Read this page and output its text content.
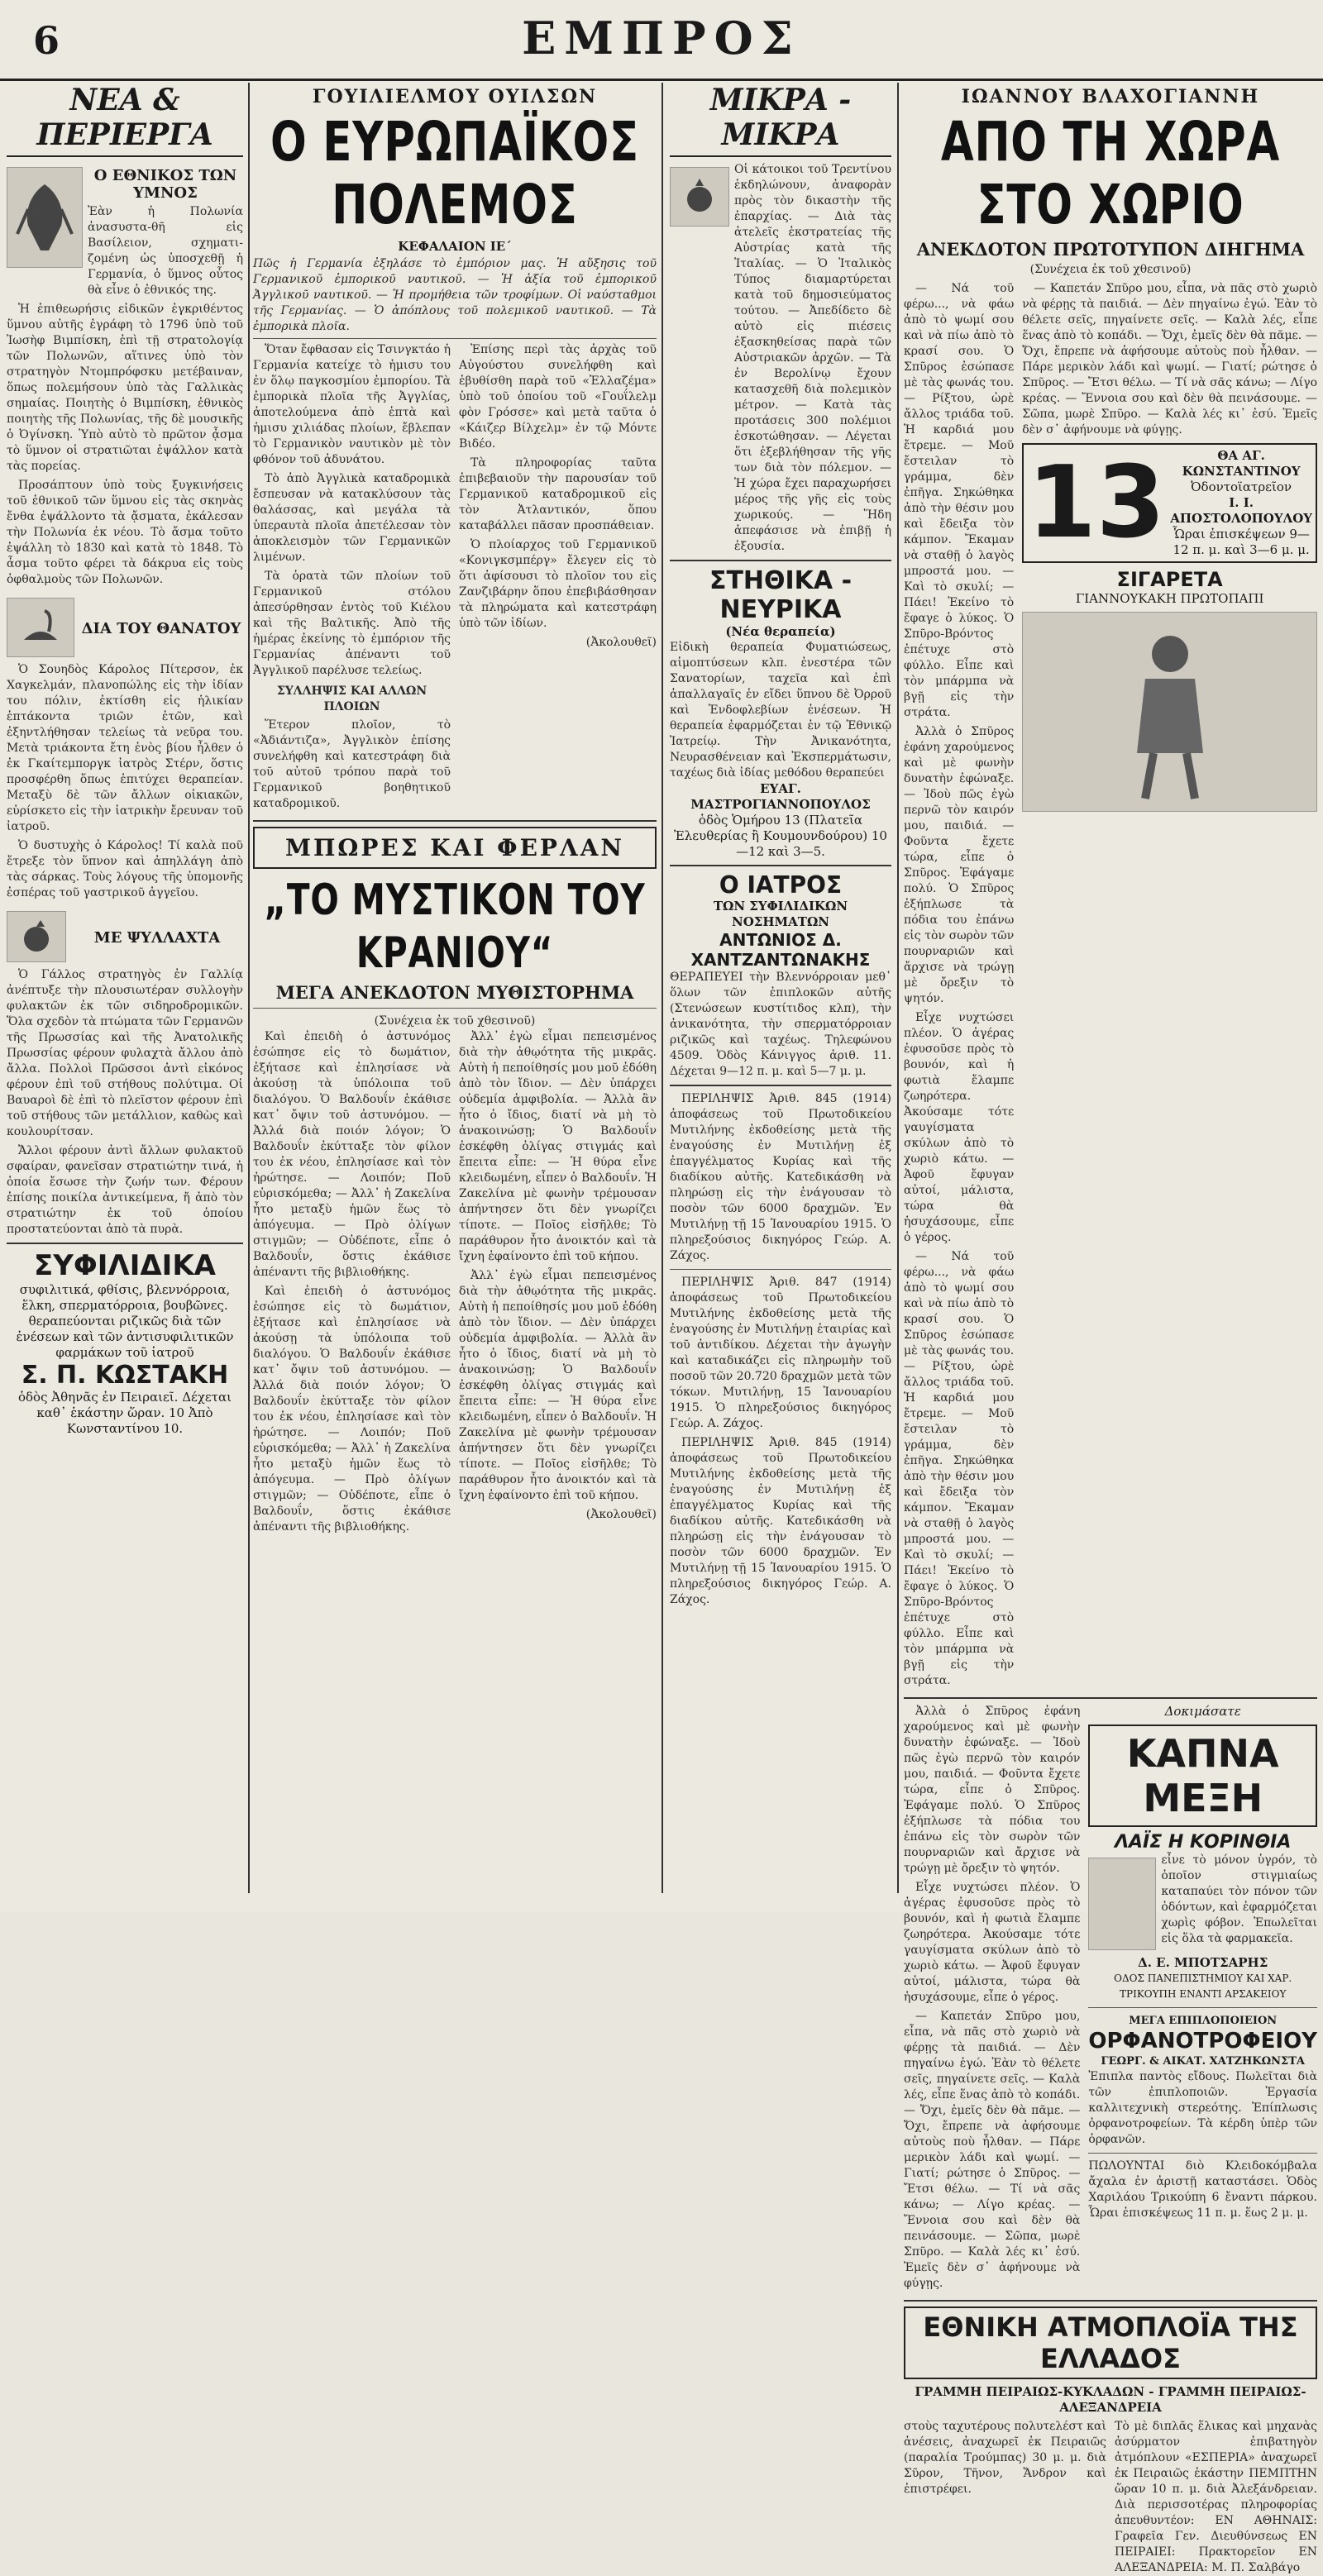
6	ΕΜΠΡΟΣ
ΝΕΑ & ΠΕΡΙΕΡΓΑ
Ο ΕΘΝΙΚΟΣ ΤΩΝ ΥΜΝΟΣ
Ἐὰν ἡ Πολωνία ἀνασυστα-θῆ εἰς Βασίλειον, σχηματι-ζομένη ὡς ὑποσχεθῇ ἡ Γερμανία, ὁ ὕμνος οὗτος θὰ εἶνε ὁ ἐθνικός της.

Ἡ ἐπιθεωρήσις εἰδικῶν ἐγκριθέντος ὕμνου αὐτῆς ἐγράφη τὸ 1796 ὑπὸ τοῦ Ἰωσὴφ Βιμπίσκη, ἐπὶ τῇ στρατολογίᾳ τῶν Πολωνῶν, αἵτινες ὑπὸ τὸν στρατηγὸν Ντομπρόφσκυ μετέβαιναν, ὅπως πολεμήσουν ὑπὸ τὰς Γαλλικὰς σημαίας. Ποιητὴς ὁ Βιμπίσκη, ἐθνικὸς ποιητὴς τῆς Πολωνίας, τῆς δὲ μουσικῆς ὁ Ὀγίνσκη. Ὑπὸ αὐτὸ τὸ πρῶτον ᾆσμα τὸ ὕμνον οἱ στρατιῶται ἐψάλλον κατὰ τὰς πορείας.

Προσάπτουν ὑπὸ τοὺς ξυγκινήσεις τοῦ ἐθνικοῦ τῶν ὕμνου εἰς τὰς σκηνὰς ἔνθα ἐψάλλοντο τὰ ᾄσματα, ἐκάλεσαν τὴν Πολωνία ἐκ νέου. Τὸ ἄσμα τοῦτο ἐψάλλη τὸ 1830 καὶ κατὰ τὸ 1848. Τὸ ἆσμα τοῦτο φέρει τὰ δάκρυα εἰς τοὺς ὀφθαλμοὺς τῶν Πολωνῶν.

ΔΙΑ ΤΟΥ ΘΑΝΑΤΟΥ

Ὁ Σουηδὸς Κάρολος Πίτερσον, ἐκ Χαγκελμάν, πλανοπώλης εἰς τὴν ἰδίαν του πόλιν, ἐκτίσθη εἰς ἡλικίαν ἑπτάκοντα τριῶν ἐτῶν, καὶ ἐξηντλήθησαν τελείως τὰ νεῦρα του. Μετὰ τριάκοντα ἔτη ἐνὸς βίου ἦλθεν ὁ ἐκ Γκαίτεμποργκ ἰατρὸς Στέρν, ὅστις προσφέρθη ὅπως ἐπιτύχει θεραπείαν. Μεταξὺ δὲ τῶν ἄλλων οἰκιακῶν, εὑρίσκετο εἰς τὴν ἰατρικὴν ἔρευναν τοῦ ἰατροῦ.

Ὁ δυστυχὴς ὁ Κάρολος! Τί καλὰ ποῦ ἔτρεξε τὸν ὕπνον καὶ ἀπηλλάγη ἀπὸ τὰς σάρκας. Τοὺς λόγους τῆς ὑπομονῆς ἐσπέρας τοῦ γαστρικοῦ ἀγγεῖου.

ΜΕ ΨΥΛΛΑΧΤΑ

Ὁ Γάλλος στρατηγὸς ἐν Γαλλίᾳ ἀνέπτυξε τὴν πλουσιωτέραν συλλογὴν φυλακτῶν ἐκ τῶν σιδηροδρομικῶν. Ὅλα σχεδὸν τὰ πτώματα τῶν Γερμανῶν τῆς Πρωσσίας καὶ τῆς Ἀνατολικῆς Πρωσσίας φέρουν φυλαχτὰ ἄλλου ἀπὸ ἄλλα. Πολλοὶ Πρῶσσοι ἀντὶ εἰκόνος φέρουν ἐπὶ τοῦ στήθους πολύτιμα. Οἱ Βαυαροὶ δὲ ἐπὶ τὸ πλεῖστον φέρουν ἐπὶ τοῦ στήθους τῶν μετάλλιον, καθὼς καὶ κουλουρίτσαν.

Ἄλλοι φέρουν ἀντὶ ἄλλων φυλακτοῦ σφαίραν, φανεῖσαν στρατιώτην τινά, ἡ ὁποία ἔσωσε τὴν ζωήν των. Φέρουν ἐπίσης ποικίλα ἀντικείμενα, ἤ ἀπὸ τὸν στρατιώτην ἐκ τοῦ ὁποίου προστατεύονται ἀπὸ τὰ πυρὰ.

ΣΥΦΙΛΙΔΙΚΑ
συφιλιτικά, φθίσις, βλεννόρροια, ἕλκη, σπερματόρροια, βουβῶνες. θεραπεύονται ριζικῶς διὰ τῶν ἐνέσεων καὶ τῶν ἀντισυφιλιτικῶν φαρμάκων τοῦ ἰατροῦ
Σ. Π. ΚΩΣΤΑΚΗ
ὁδὸς Ἀθηνᾶς ἐν Πειραιεῖ. Δέχεται καθ᾽ ἑκάστην ὥραν. 10 Ἀπὸ Κωνσταντίνου 10.
ΓΟΥΙΛΙΕΛΜΟΥ ΟΥΙΛΣΩΝ
Ο ΕΥΡΩΠΑΪΚΟΣ ΠΟΛΕΜΟΣ
ΚΕΦΑΛΑΙΟΝ ΙΕ΄
Πῶς ἡ Γερμανία ἐξηλάσε τὸ ἐμπόριον μας. Ἡ αὔξησις τοῦ Γερμανικοῦ ἐμπορικοῦ ναυτικοῦ. — Ἡ ἀξία τοῦ ἐμπορικοῦ Ἀγγλικοῦ ναυτικοῦ. — Ἡ προμήθεια τῶν τροφίμων. Οἱ ναύσταθμοι τῆς Γερμανίας. — Ὁ ἀπόπλους τοῦ πολεμικοῦ ναυτικοῦ. — Τὰ ἐμπορικὰ πλοῖα.

Ὅταν ἔφθασαν εἰς Τσινγκτάο ἡ Γερμανία κατείχε τὸ ἡμισυ του ἐν ὅλῳ παγκοσμίου ἐμπορίου. Τὰ ἐμπορικὰ πλοῖα τῆς Ἀγγλίας, ἀποτελούμενα ἀπὸ ἑπτὰ καὶ ἡμισυ χιλιάδας πλοίων, ἔβλεπαν τὸ Γερμανικὸν ναυτικὸν μὲ τὸν φθόνον τοῦ ἀδυνάτου.

Τὸ ἀπὸ Ἀγγλικὰ καταδρομικὰ ἔσπευσαν νὰ κατακλύσουν τὰς θαλάσσας, καὶ μεγάλα τὰ ὑπεραυτὰ πλοῖα ἀπετέλεσαν τὸν ἀποκλεισμὸν τῶν Γερμανικῶν λιμένων.

Τὰ ὁρατὰ τῶν πλοίων τοῦ Γερμανικοῦ στόλου ἀπεσύρθησαν ἐντὸς τοῦ Κιέλου καὶ τῆς Βαλτικῆς. Ἀπὸ τῆς ἡμέρας ἐκείνης τὸ ἐμπόριον τῆς Γερμανίας ἀπέναντι τοῦ Ἀγγλικοῦ παρέλυσε τελείως.

ΣΥΛΛΗΨΙΣ ΚΑΙ ΑΛΛΩΝ ΠΛΟΙΩΝ

Ἕτερον πλοῖον, τὸ «Ἀδιάντιζα», Ἀγγλικὸν ἐπίσης συνελήφθη καὶ κατεστράφη διὰ τοῦ αὐτοῦ τρόπου παρὰ τοῦ Γερμανικοῦ βοηθητικοῦ καταδρομικοῦ.

Ἐπίσης περὶ τὰς ἀρχὰς τοῦ Αὐγούστου συνελήφθη καὶ ἐβυθίσθη παρὰ τοῦ «Ἐλλαζέμα» ὑπὸ τοῦ ὁποίου τοῦ «Γουΐλελμ φὸν Γρόσσε» καὶ μετὰ ταῦτα ὁ «Κάιζερ Βίλχελμ» ἐν τῷ Μόντε Βιδέο.

Τὰ πληροφορίας ταῦτα ἐπιβεβαιοῦν τὴν παρουσίαν τοῦ Γερμανικοῦ καταδρομικοῦ εἰς τὸν Ἀτλαντικόν, ὅπου καταβάλλει πᾶσαν προσπάθειαν.

Ὁ πλοίαρχος τοῦ Γερμανικοῦ «Κονιγκσμπέργ» ἔλεγεν εἰς τὸ ὅτι ἀφίσουσι τὸ πλοῖον του εἰς Ζανζιβάρην ὅπου ἐπεβιβάσθησαν τὰ πληρώματα καὶ κατεστράφη ὑπὸ τῶν ἰδίων.

(Ἀκολουθεῖ)
ΜΠΩΡΕΣ ΚΑΙ ΦΕΡΛΑΝ
„ΤΟ ΜΥΣΤΙΚΟΝ ΤΟΥ ΚΡΑΝΙΟΥ“
ΜΕΓΑ ΑΝΕΚΔΟΤΟΝ ΜΥΘΙΣΤΟΡΗΜΑ
(Συνέχεια ἐκ τοῦ χθεσινοῦ)

Καὶ ἐπειδὴ ὁ ἀστυνόμος ἐσώπησε εἰς τὸ δωμάτιον, ἐξήτασε καὶ ἐπλησίασε νὰ ἀκούσῃ τὰ ὑπόλοιπα τοῦ διαλόγου. Ὁ Βαλδουΐν ἐκάθισε κατ᾽ ὄψιν τοῦ ἀστυνόμου. — Ἀλλά διὰ ποιόν λόγον; Ὁ Βαλδουΐν ἐκύτταξε τὸν φίλον του ἐκ νέου, ἐπλησίασε καὶ τὸν ἠρώτησε. — Λοιπόν; Ποῦ εὑρισκόμεθα; — Ἀλλ᾽ ἡ Ζακελίνα ἦτο μεταξὺ ἡμῶν ἕως τὸ ἀπόγευμα. — Πρὸ ὀλίγων στιγμῶν; — Οὐδέποτε, εἶπε ὁ Βαλδουΐν, ὅστις ἐκάθισε ἀπέναντι τῆς βιβλιοθήκης.

Καὶ ἐπειδὴ ὁ ἀστυνόμος ἐσώπησε εἰς τὸ δωμάτιον, ἐξήτασε καὶ ἐπλησίασε νὰ ἀκούσῃ τὰ ὑπόλοιπα τοῦ διαλόγου. Ὁ Βαλδουΐν ἐκάθισε κατ᾽ ὄψιν τοῦ ἀστυνόμου. — Ἀλλά διὰ ποιόν λόγον; Ὁ Βαλδουΐν ἐκύτταξε τὸν φίλον του ἐκ νέου, ἐπλησίασε καὶ τὸν ἠρώτησε. — Λοιπόν; Ποῦ εὑρισκόμεθα; — Ἀλλ᾽ ἡ Ζακελίνα ἦτο μεταξὺ ἡμῶν ἕως τὸ ἀπόγευμα. — Πρὸ ὀλίγων στιγμῶν; — Οὐδέποτε, εἶπε ὁ Βαλδουΐν, ὅστις ἐκάθισε ἀπέναντι τῆς βιβλιοθήκης.

Ἀλλ᾽ ἐγὼ εἶμαι πεπεισμένος διὰ τὴν ἀθῳότητα τῆς μικρᾶς. Αὐτὴ ἡ πεποίθησίς μου μοῦ ἐδόθη ἀπὸ τὸν ἴδιον. — Δὲν ὑπάρχει οὐδεμία ἀμφιβολία. — Ἀλλὰ ἂν ἦτο ὁ ἴδιος, διατί νὰ μὴ τὸ ἀνακοινώσῃ; Ὁ Βαλδουΐν ἐσκέφθη ὀλίγας στιγμάς καὶ ἔπειτα εἶπε: — Ἡ θύρα εἶνε κλειδωμένη, εἶπεν ὁ Βαλδουΐν. Ἡ Ζακελίνα μὲ φωνὴν τρέμουσαν ἀπήντησεν ὅτι δὲν γνωρίζει τίποτε. — Ποῖος εἰσῆλθε; Τὸ παράθυρον ἦτο ἀνοικτόν καὶ τὰ ἴχνη ἐφαίνοντο ἐπὶ τοῦ κήπου.

Ἀλλ᾽ ἐγὼ εἶμαι πεπεισμένος διὰ τὴν ἀθῳότητα τῆς μικρᾶς. Αὐτὴ ἡ πεποίθησίς μου μοῦ ἐδόθη ἀπὸ τὸν ἴδιον. — Δὲν ὑπάρχει οὐδεμία ἀμφιβολία. — Ἀλλὰ ἂν ἦτο ὁ ἴδιος, διατί νὰ μὴ τὸ ἀνακοινώσῃ; Ὁ Βαλδουΐν ἐσκέφθη ὀλίγας στιγμάς καὶ ἔπειτα εἶπε: — Ἡ θύρα εἶνε κλειδωμένη, εἶπεν ὁ Βαλδουΐν. Ἡ Ζακελίνα μὲ φωνὴν τρέμουσαν ἀπήντησεν ὅτι δὲν γνωρίζει τίποτε. — Ποῖος εἰσῆλθε; Τὸ παράθυρον ἦτο ἀνοικτόν καὶ τὰ ἴχνη ἐφαίνοντο ἐπὶ τοῦ κήπου.

(Ἀκολουθεῖ)
ΜΙΚΡΑ - ΜΙΚΡΑ
Οἱ κάτοικοι τοῦ Τρεντίνου ἐκδηλώνουν, ἀναφορὰν πρὸς τὸν δικαστὴν τῆς ἐπαρχίας. — Διὰ τὰς ἀτελεῖς ἐκστρατείας τῆς Αὐστρίας κατὰ τῆς Ἰταλίας. — Ὁ Ἰταλικὸς Τύπος διαμαρτύρεται κατὰ τοῦ δημοσιεύματος τούτου. — Ἀπεδίδετο δὲ αὐτὸ εἰς πιέσεις ἐξασκηθείσας παρὰ τῶν Αὐστριακῶν ἀρχῶν. — Τὰ ἐν Βερολίνῳ ἔχουν κατασχεθῆ διὰ πολεμικὸν μέτρον. — Κατὰ τὰς προτάσεις 300 πολέμιοι ἐσκοτώθησαν. — Λέγεται ὅτι ἐξεβλήθησαν τῆς γῆς των διὰ τὸν πόλεμον. — Ἡ χώρα ἔχει παραχωρήσει μέρος τῆς γῆς εἰς τοὺς χωρικούς. — Ἥδη ἀπεφάσισε νὰ ἐπιβῇ ἡ ἐξουσία.
ΣΤΗΘΙΚΑ - ΝΕΥΡΙΚΑ
(Νέα θεραπεία)
Εἰδικὴ θεραπεία Φυματιώσεως, αἱμοπτύσεων κλπ. ἐνεστέρα τῶν Σανατορίων, ταχεῖα καὶ ἐπὶ ἀπαλλαγαῖς ἐν εἴδει ὕπνου δὲ Ὀρροῦ καὶ Ἐνδοφλεβίων ἐνέσεων. Ἡ θεραπεία ἐφαρμόζεται ἐν τῷ Ἐθνικῷ Ἰατρείῳ. Τὴν Ἀνικανότητα, Νευρασθένειαν καὶ Ἐκσπερμάτωσιν, ταχέως διὰ ἰδίας μεθόδου θεραπεύει
ΕΥΑΓ. ΜΑΣΤΡΟΓΙΑΝΝΟΠΟΥΛΟΣ
ὁδὸς Ὁμήρου 13 (Πλατεῖα Ἐλευθερίας ἢ Κουμουνδούρου) 10—12 καὶ 3—5.
Ο ΙΑΤΡΟΣ
ΤΩΝ ΣΥΦΙΛΙΔΙΚΩΝ ΝΟΣΗΜΑΤΩΝ
ΑΝΤΩΝΙΟΣ Δ. ΧΑΝΤΖΑΝΤΩΝΑΚΗΣ
ΘΕΡΑΠΕΥΕΙ τὴν Βλεννόρροιαν μεθ᾽ ὅλων τῶν ἐπιπλοκῶν αὐτῆς (Στενώσεων κυστίτιδος κλπ), τὴν ἀνικανότητα, τὴν σπερματόρροιαν ριζικῶς καὶ ταχέως. Τηλεφώνου 4509. Ὁδὸς Κάνιγγος ἀριθ. 11. Δέχεται 9—12 π. μ. καὶ 5—7 μ. μ.

ΠΕΡΙΛΗΨΙΣ Ἀριθ. 845 (1914) ἀποφάσεως τοῦ Πρωτοδικείου Μυτιλήνης ἐκδοθείσης μετὰ τῆς ἐναγούσης ἐν Μυτιλήνῃ ἐξ ἐπαγγέλματος Κυρίας καὶ τῆς διαδίκου αὐτῆς. Κατεδικάσθη νὰ πληρώσῃ εἰς τὴν ἐνάγουσαν τὸ ποσὸν τῶν 6000 δραχμῶν. Ἐν Μυτιλήνῃ τῇ 15 Ἰανουαρίου 1915. Ὁ πληρεξούσιος δικηγόρος Γεώρ. Α. Ζάχος.

ΠΕΡΙΛΗΨΙΣ Ἀριθ. 847 (1914) ἀποφάσεως τοῦ Πρωτοδικείου Μυτιλήνης ἐκδοθείσης μετὰ τῆς ἐναγούσης ἐν Μυτιλήνῃ ἐταιρίας καὶ τοῦ ἀντιδίκου. Δέχεται τὴν ἀγωγὴν καὶ καταδικάζει εἰς πληρωμὴν τοῦ ποσοῦ τῶν 20.720 δραχμῶν μετὰ τῶν τόκων. Μυτιλήνῃ, 15 Ἰανουαρίου 1915. Ὁ πληρεξούσιος δικηγόρος Γεώρ. Α. Ζάχος.

ΠΕΡΙΛΗΨΙΣ Ἀριθ. 845 (1914) ἀποφάσεως τοῦ Πρωτοδικείου Μυτιλήνης ἐκδοθείσης μετὰ τῆς ἐναγούσης ἐν Μυτιλήνῃ ἐξ ἐπαγγέλματος Κυρίας καὶ τῆς διαδίκου αὐτῆς. Κατεδικάσθη νὰ πληρώσῃ εἰς τὴν ἐνάγουσαν τὸ ποσὸν τῶν 6000 δραχμῶν. Ἐν Μυτιλήνῃ τῇ 15 Ἰανουαρίου 1915. Ὁ πληρεξούσιος δικηγόρος Γεώρ. Α. Ζάχος.

ΙΩΑΝΝΟΥ ΒΛΑΧΟΓΙΑΝΝΗ
ΑΠΟ ΤΗ ΧΩΡΑ ΣΤΟ ΧΩΡΙΟ
ΑΝΕΚΔΟΤΟΝ ΠΡΩΤΟΤΥΠΟΝ ΔΙΗΓΗΜΑ
(Συνέχεια ἐκ τοῦ χθεσινοῦ)

— Νά τοῦ φέρω..., νὰ φάω ἀπὸ τὸ ψωμί σου καὶ νὰ πίω ἀπὸ τὸ κρασί σου. Ὁ Σπῦρος ἐσώπασε μὲ τὰς φωνάς του. — Ρίξτου, ὡρὲ ἄλλος τριάδα τοῦ. Ἡ καρδιά μου ἔτρεμε. — Μοῦ ἔστειλαν τὸ γράμμα, δὲν ἐπῆγα. Σηκώθηκα ἀπὸ τὴν θέσιν μου καὶ ἔδειξα τὸν κάμπον. Ἔκαμαν νὰ σταθῇ ὁ λαγὸς μπροστά μου. — Καὶ τὸ σκυλί; — Πάει! Ἐκείνο τὸ ἔφαγε ὁ λύκος. Ὁ Σπῦρο-Βρόντος ἐπέτυχε στὸ φύλλο. Εἶπε καὶ τὸν μπάρμπα νὰ βγῇ εἰς τὴν στράτα.

Ἀλλὰ ὁ Σπῦρος ἐφάνη χαρούμενος καὶ μὲ φωνὴν δυνατὴν ἐφώναξε. — Ἰδοὺ πῶς ἐγὼ περνῶ τὸν καιρόν μου, παιδιά. — Φοῦντα ἔχετε τώρα, εἶπε ὁ Σπῦρος. Ἐφάγαμε πολύ. Ὁ Σπῦρος ἐξήπλωσε τὰ πόδια του ἐπάνω εἰς τὸν σωρὸν τῶν πουρναριῶν καὶ ἄρχισε νὰ τρώγῃ μὲ ὄρεξιν τὸ ψητόν.

Εἶχε νυχτώσει πλέον. Ὁ ἀγέρας ἐφυσοῦσε πρὸς τὸ βουνόν, καὶ ἡ φωτιὰ ἔλαμπε ζωηρότερα. Ἀκούσαμε τότε γαυγίσματα σκύλων ἀπὸ τὸ χωριὸ κάτω. — Ἀφοῦ ἔφυγαν αὐτοί, μάλιστα, τώρα θὰ ἡσυχάσουμε, εἶπε ὁ γέρος.

— Νά τοῦ φέρω..., νὰ φάω ἀπὸ τὸ ψωμί σου καὶ νὰ πίω ἀπὸ τὸ κρασί σου. Ὁ Σπῦρος ἐσώπασε μὲ τὰς φωνάς του. — Ρίξτου, ὡρὲ ἄλλος τριάδα τοῦ. Ἡ καρδιά μου ἔτρεμε. — Μοῦ ἔστειλαν τὸ γράμμα, δὲν ἐπῆγα. Σηκώθηκα ἀπὸ τὴν θέσιν μου καὶ ἔδειξα τὸν κάμπον. Ἔκαμαν νὰ σταθῇ ὁ λαγὸς μπροστά μου. — Καὶ τὸ σκυλί; — Πάει! Ἐκείνο τὸ ἔφαγε ὁ λύκος. Ὁ Σπῦρο-Βρόντος ἐπέτυχε στὸ φύλλο. Εἶπε καὶ τὸν μπάρμπα νὰ βγῇ εἰς τὴν στράτα.

— Καπετάν Σπῦρο μου, εἶπα, νὰ πᾶς στὸ χωριὸ νὰ φέρῃς τὰ παιδιά. — Δὲν πηγαίνω ἐγώ. Ἐὰν τὸ θέλετε σεῖς, πηγαίνετε σεῖς. — Καλὰ λές, εἶπε ἕνας ἀπὸ τὸ κοπάδι. — Ὄχι, ἐμεῖς δὲν θὰ πᾶμε. — Ὄχι, ἔπρεπε νὰ ἀφήσουμε αὐτοὺς ποὺ ἦλθαν. — Πάρε μερικὸν λάδι καὶ ψωμί. — Γιατί; ρώτησε ὁ Σπῦρος. — Ἔτσι θέλω. — Τί νὰ σᾶς κάνω; — Λίγο κρέας. — Ἔννοια σου καὶ δὲν θὰ πεινάσουμε. — Σῶπα, μωρὲ Σπῦρο. — Καλὰ λές κι᾽ ἐσύ. Ἐμεῖς δὲν σ᾽ ἀφήνουμε νὰ φύγῃς.

13	ΘΑ ΑΓ. ΚΩΝΣΤΑΝΤΙΝΟΥ
Ὀδοντοϊατρεῖον
Ι. Ι. ΑΠΟΣΤΟΛΟΠΟΥΛΟΥ
Ὧραι ἐπισκέψεων 9—12 π. μ. καὶ 3—6 μ. μ.
ΣΙΓΑΡΕΤΑ
ΓΙΑΝΝΟΥΚΑΚΗ ΠΡΩΤΟΠΑΠΙ

Ἀλλὰ ὁ Σπῦρος ἐφάνη χαρούμενος καὶ μὲ φωνὴν δυνατὴν ἐφώναξε. — Ἰδοὺ πῶς ἐγὼ περνῶ τὸν καιρόν μου, παιδιά. — Φοῦντα ἔχετε τώρα, εἶπε ὁ Σπῦρος. Ἐφάγαμε πολύ. Ὁ Σπῦρος ἐξήπλωσε τὰ πόδια του ἐπάνω εἰς τὸν σωρὸν τῶν πουρναριῶν καὶ ἄρχισε νὰ τρώγῃ μὲ ὄρεξιν τὸ ψητόν.

Εἶχε νυχτώσει πλέον. Ὁ ἀγέρας ἐφυσοῦσε πρὸς τὸ βουνόν, καὶ ἡ φωτιὰ ἔλαμπε ζωηρότερα. Ἀκούσαμε τότε γαυγίσματα σκύλων ἀπὸ τὸ χωριὸ κάτω. — Ἀφοῦ ἔφυγαν αὐτοί, μάλιστα, τώρα θὰ ἡσυχάσουμε, εἶπε ὁ γέρος.

— Καπετάν Σπῦρο μου, εἶπα, νὰ πᾶς στὸ χωριὸ νὰ φέρῃς τὰ παιδιά. — Δὲν πηγαίνω ἐγώ. Ἐὰν τὸ θέλετε σεῖς, πηγαίνετε σεῖς. — Καλὰ λές, εἶπε ἕνας ἀπὸ τὸ κοπάδι. — Ὄχι, ἐμεῖς δὲν θὰ πᾶμε. — Ὄχι, ἔπρεπε νὰ ἀφήσουμε αὐτοὺς ποὺ ἦλθαν. — Πάρε μερικὸν λάδι καὶ ψωμί. — Γιατί; ρώτησε ὁ Σπῦρος. — Ἔτσι θέλω. — Τί νὰ σᾶς κάνω; — Λίγο κρέας. — Ἔννοια σου καὶ δὲν θὰ πεινάσουμε. — Σῶπα, μωρὲ Σπῦρο. — Καλὰ λές κι᾽ ἐσύ. Ἐμεῖς δὲν σ᾽ ἀφήνουμε νὰ φύγῃς.

Δοκιμάσατε
ΚΑΠΝΑ ΜΕΞΗ
ΛΑΪΣ Η ΚΟΡΙΝΘΙΑ
εἶνε τὸ μόνον ὑγρόν, τὸ ὁποῖον στιγμιαίως καταπαύει τὸν πόνον τῶν ὀδόντων, καὶ ἐφαρμόζεται χωρὶς φόβον. Ἐπωλεῖται εἰς ὅλα τὰ φαρμακεῖα.
Δ. Ε. ΜΠΟΤΣΑΡΗΣ
ΟΔΟΣ ΠΑΝΕΠΙΣΤΗΜΙΟΥ ΚΑΙ ΧΑΡ. ΤΡΙΚΟΥΠΗ ΕΝΑΝΤΙ ΑΡΣΑΚΕΙΟΥ
ΜΕΓΑ ΕΠΙΠΛΟΠΟΙΕΙΟΝ
ΟΡΦΑΝΟΤΡΟΦΕΙΟΥ
ΓΕΩΡΓ. & ΑΙΚΑΤ. ΧΑΤΖΗΚΩΝΣΤΑ
Ἐπιπλα παντὸς εἴδους. Πωλεῖται διὰ τῶν ἐπιπλοποιῶν. Ἐργασία καλλιτεχνικὴ στερεότης. Ἐπίπλωσις ὀρφανοτροφείων. Τὰ κέρδη ὑπὲρ τῶν ὀρφανῶν.
ΠΩΛΟΥΝΤΑΙ διὸ Κλειδοκόμβαλα ἄχαλα ἐν ἀριστῇ καταστάσει. Ὁδὸς Χαριλάου Τρικούπη 6 ἔναντι πάρκου. Ὧραι ἐπισκέψεως 11 π. μ. ἕως 2 μ. μ.
ΕΘΝΙΚΗ ΑΤΜΟΠΛΟΪΑ ΤΗΣ ΕΛΛΑΔΟΣ
ΓΡΑΜΜΗ ΠΕΙΡΑΙΩΣ-ΚΥΚΛΑΔΩΝ - ΓΡΑΜΜΗ ΠΕΙΡΑΙΩΣ-ΑΛΕΞΑΝΔΡΕΙΑ
στοὺς ταχυτέρους πολυτελέστ καὶ ἀνέσεις, ἀναχωρεῖ ἐκ Πειραιῶς (παραλία Τρούμπας) 30 μ. μ. διὰ Σῦρον, Τῆνον, Ἄνδρον καὶ ἐπιστρέφει.
Τὸ μὲ διπλᾶς ἕλικας καὶ μηχανὰς ἀσύρματον ἐπιβατηγὸν ἀτμόπλουν «ΕΣΠΕΡΙΑ» ἀναχωρεῖ ἐκ Πειραιῶς ἑκάστην ΠΕΜΠΤΗΝ ὥραν 10 π. μ. διὰ Ἀλεξάνδρειαν. Διὰ περισσοτέρας πληροφορίας ἀπευθυντέον: ΕΝ ΑΘΗΝΑΙΣ: Γραφεῖα Γεν. Διευθύνσεως ΕΝ ΠΕΙΡΑΙΕΙ: Πρακτορεῖον ΕΝ ΑΛΕΞΑΝΔΡΕΙΑ: Μ. Π. Σαλβάγο
